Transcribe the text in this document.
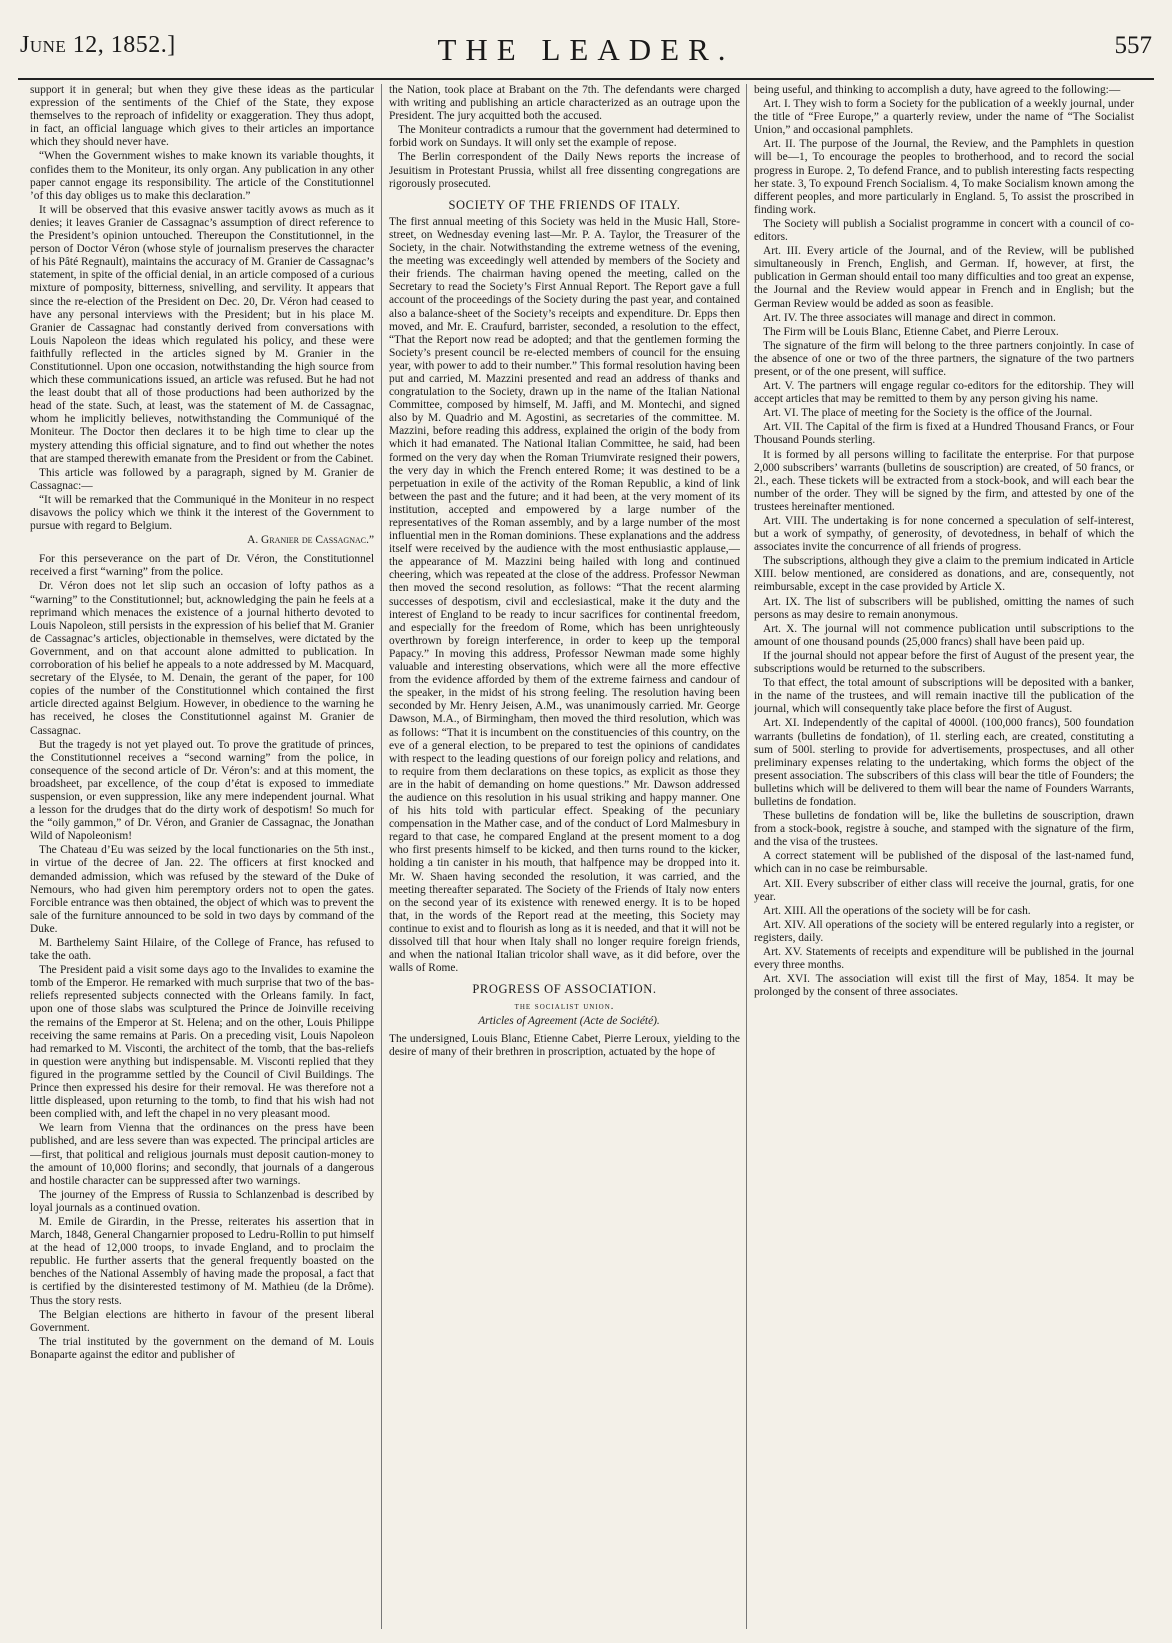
June 12, 1852.]	THE LEADER.	557

support it in general; but when they give these ideas as the particular expression of the sentiments of the Chief of the State, they expose themselves to the reproach of infidelity or exaggeration. They thus adopt, in fact, an official language which gives to their articles an importance which they should never have.

“When the Government wishes to make known its variable thoughts, it confides them to the Moniteur, its only organ. Any publication in any other paper cannot engage its responsibility. The article of the Constitutionnel ’of this day obliges us to make this declaration.”

It will be observed that this evasive answer tacitly avows as much as it denies; it leaves Granier de Cassagnac’s assumption of direct reference to the President’s opinion untouched. Thereupon the Constitutionnel, in the person of Doctor Véron (whose style of journalism preserves the character of his Pâté Regnault), maintains the accuracy of M. Granier de Cassagnac’s statement, in spite of the official denial, in an article composed of a curious mixture of pomposity, bitterness, snivelling, and servility. It appears that since the re-election of the President on Dec. 20, Dr. Véron had ceased to have any personal interviews with the President; but in his place M. Granier de Cassagnac had constantly derived from conversations with Louis Napoleon the ideas which regulated his policy, and these were faithfully reflected in the articles signed by M. Granier in the Constitutionnel. Upon one occasion, notwithstanding the high source from which these communications issued, an article was refused. But he had not the least doubt that all of those productions had been authorized by the head of the state. Such, at least, was the statement of M. de Cassagnac, whom he implicitly believes, notwithstanding the Communiqué of the Moniteur. The Doctor then declares it to be high time to clear up the mystery attending this official signature, and to find out whether the notes that are stamped therewith emanate from the President or from the Cabinet.

This article was followed by a paragraph, signed by M. Granier de Cassagnac:—

“It will be remarked that the Communiqué in the Moniteur in no respect disavows the policy which we think it the interest of the Government to pursue with regard to Belgium.

A. Granier de Cassagnac.”

For this perseverance on the part of Dr. Véron, the Constitutionnel received a first “warning” from the police.

Dr. Véron does not let slip such an occasion of lofty pathos as a “warning” to the Constitutionnel; but, acknowledging the pain he feels at a reprimand which menaces the existence of a journal hitherto devoted to Louis Napoleon, still persists in the expression of his belief that M. Granier de Cassagnac’s articles, objectionable in themselves, were dictated by the Government, and on that account alone admitted to publication. In corroboration of his belief he appeals to a note addressed by M. Macquard, secretary of the Elysée, to M. Denain, the gerant of the paper, for 100 copies of the number of the Constitutionnel which contained the first article directed against Belgium. However, in obedience to the warning he has received, he closes the Constitutionnel against M. Granier de Cassagnac.

But the tragedy is not yet played out. To prove the gratitude of princes, the Constitutionnel receives a “second warning” from the police, in consequence of the second article of Dr. Véron’s: and at this moment, the broadsheet, par excellence, of the coup d’état is exposed to immediate suspension, or even suppression, like any mere independent journal. What a lesson for the drudges that do the dirty work of despotism! So much for the “oily gammon,” of Dr. Véron, and Granier de Cassagnac, the Jonathan Wild of Napoleonism!

The Chateau d’Eu was seized by the local functionaries on the 5th inst., in virtue of the decree of Jan. 22. The officers at first knocked and demanded admission, which was refused by the steward of the Duke of Nemours, who had given him peremptory orders not to open the gates. Forcible entrance was then obtained, the object of which was to prevent the sale of the furniture announced to be sold in two days by command of the Duke.

M. Barthelemy Saint Hilaire, of the College of France, has refused to take the oath.

The President paid a visit some days ago to the Invalides to examine the tomb of the Emperor. He remarked with much surprise that two of the bas-reliefs represented subjects connected with the Orleans family. In fact, upon one of those slabs was sculptured the Prince de Joinville receiving the remains of the Emperor at St. Helena; and on the other, Louis Philippe receiving the same remains at Paris. On a preceding visit, Louis Napoleon had remarked to M. Visconti, the architect of the tomb, that the bas-reliefs in question were anything but indispensable. M. Visconti replied that they figured in the programme settled by the Council of Civil Buildings. The Prince then expressed his desire for their removal. He was therefore not a little displeased, upon returning to the tomb, to find that his wish had not been complied with, and left the chapel in no very pleasant mood.

We learn from Vienna that the ordinances on the press have been published, and are less severe than was expected. The principal articles are—first, that political and religious journals must deposit caution-money to the amount of 10,000 florins; and secondly, that journals of a dangerous and hostile character can be suppressed after two warnings.

The journey of the Empress of Russia to Schlanzenbad is described by loyal journals as a continued ovation.

M. Emile de Girardin, in the Presse, reiterates his assertion that in March, 1848, General Changarnier proposed to Ledru-Rollin to put himself at the head of 12,000 troops, to invade England, and to proclaim the republic. He further asserts that the general frequently boasted on the benches of the National Assembly of having made the proposal, a fact that is certified by the disinterested testimony of M. Mathieu (de la Drôme). Thus the story rests.

The Belgian elections are hitherto in favour of the present liberal Government.

The trial instituted by the government on the demand of M. Louis Bonaparte against the editor and publisher of

the Nation, took place at Brabant on the 7th. The defendants were charged with writing and publishing an article characterized as an outrage upon the President. The jury acquitted both the accused.

The Moniteur contradicts a rumour that the government had determined to forbid work on Sundays. It will only set the example of repose.

The Berlin correspondent of the Daily News reports the increase of Jesuitism in Protestant Prussia, whilst all free dissenting congregations are rigorously prosecuted.

SOCIETY OF THE FRIENDS OF ITALY.

The first annual meeting of this Society was held in the Music Hall, Store-street, on Wednesday evening last—Mr. P. A. Taylor, the Treasurer of the Society, in the chair. Notwithstanding the extreme wetness of the evening, the meeting was exceedingly well attended by members of the Society and their friends. The chairman having opened the meeting, called on the Secretary to read the Society’s First Annual Report. The Report gave a full account of the proceedings of the Society during the past year, and contained also a balance-sheet of the Society’s receipts and expenditure. Dr. Epps then moved, and Mr. E. Craufurd, barrister, seconded, a resolution to the effect, “That the Report now read be adopted; and that the gentlemen forming the Society’s present council be re-elected members of council for the ensuing year, with power to add to their number.” This formal resolution having been put and carried, M. Mazzini presented and read an address of thanks and congratulation to the Society, drawn up in the name of the Italian National Committee, composed by himself, M. Jaffi, and M. Montechi, and signed also by M. Quadrio and M. Agostini, as secretaries of the committee. M. Mazzini, before reading this address, explained the origin of the body from which it had emanated. The National Italian Committee, he said, had been formed on the very day when the Roman Triumvirate resigned their powers, the very day in which the French entered Rome; it was destined to be a perpetuation in exile of the activity of the Roman Republic, a kind of link between the past and the future; and it had been, at the very moment of its institution, accepted and empowered by a large number of the representatives of the Roman assembly, and by a large number of the most influential men in the Roman dominions. These explanations and the address itself were received by the audience with the most enthusiastic applause,—the appearance of M. Mazzini being hailed with long and continued cheering, which was repeated at the close of the address. Professor Newman then moved the second resolution, as follows: “That the recent alarming successes of despotism, civil and ecclesiastical, make it the duty and the interest of England to be ready to incur sacrifices for continental freedom, and especially for the freedom of Rome, which has been unrighteously overthrown by foreign interference, in order to keep up the temporal Papacy.” In moving this address, Professor Newman made some highly valuable and interesting observations, which were all the more effective from the evidence afforded by them of the extreme fairness and candour of the speaker, in the midst of his strong feeling. The resolution having been seconded by Mr. Henry Jeisen, A.M., was unanimously carried. Mr. George Dawson, M.A., of Birmingham, then moved the third resolution, which was as follows: “That it is incumbent on the constituencies of this country, on the eve of a general election, to be prepared to test the opinions of candidates with respect to the leading questions of our foreign policy and relations, and to require from them declarations on these topics, as explicit as those they are in the habit of demanding on home questions.” Mr. Dawson addressed the audience on this resolution in his usual striking and happy manner. One of his hits told with particular effect. Speaking of the pecuniary compensation in the Mather case, and of the conduct of Lord Malmesbury in regard to that case, he compared England at the present moment to a dog who first presents himself to be kicked, and then turns round to the kicker, holding a tin canister in his mouth, that halfpence may be dropped into it. Mr. W. Shaen having seconded the resolution, it was carried, and the meeting thereafter separated. The Society of the Friends of Italy now enters on the second year of its existence with renewed energy. It is to be hoped that, in the words of the Report read at the meeting, this Society may continue to exist and to flourish as long as it is needed, and that it will not be dissolved till that hour when Italy shall no longer require foreign friends, and when the national Italian tricolor shall wave, as it did before, over the walls of Rome.

PROGRESS OF ASSOCIATION.
the socialist union.

Articles of Agreement (Acte de Société).

The undersigned, Louis Blanc, Etienne Cabet, Pierre Leroux, yielding to the desire of many of their brethren in proscription, actuated by the hope of

being useful, and thinking to accomplish a duty, have agreed to the following:—

Art. I. They wish to form a Society for the publication of a weekly journal, under the title of “Free Europe,” a quarterly review, under the name of “The Socialist Union,” and occasional pamphlets.

Art. II. The purpose of the Journal, the Review, and the Pamphlets in question will be—1, To encourage the peoples to brotherhood, and to record the social progress in Europe. 2, To defend France, and to publish interesting facts respecting her state. 3, To expound French Socialism. 4, To make Socialism known among the different peoples, and more particularly in England. 5, To assist the proscribed in finding work.

The Society will publish a Socialist programme in concert with a council of co-editors.

Art. III. Every article of the Journal, and of the Review, will be published simultaneously in French, English, and German. If, however, at first, the publication in German should entail too many difficulties and too great an expense, the Journal and the Review would appear in French and in English; but the German Review would be added as soon as feasible.

Art. IV. The three associates will manage and direct in common.

The Firm will be Louis Blanc, Etienne Cabet, and Pierre Leroux.

The signature of the firm will belong to the three partners conjointly. In case of the absence of one or two of the three partners, the signature of the two partners present, or of the one present, will suffice.

Art. V. The partners will engage regular co-editors for the editorship. They will accept articles that may be remitted to them by any person giving his name.

Art. VI. The place of meeting for the Society is the office of the Journal.

Art. VII. The Capital of the firm is fixed at a Hundred Thousand Francs, or Four Thousand Pounds sterling.

It is formed by all persons willing to facilitate the enterprise. For that purpose 2,000 subscribers’ warrants (bulletins de souscription) are created, of 50 francs, or 2l., each. These tickets will be extracted from a stock-book, and will each bear the number of the order. They will be signed by the firm, and attested by one of the trustees hereinafter mentioned.

Art. VIII. The undertaking is for none concerned a speculation of self-interest, but a work of sympathy, of generosity, of devotedness, in behalf of which the associates invite the concurrence of all friends of progress.

The subscriptions, although they give a claim to the premium indicated in Article XIII. below mentioned, are considered as donations, and are, consequently, not reimbursable, except in the case provided by Article X.

Art. IX. The list of subscribers will be published, omitting the names of such persons as may desire to remain anonymous.

Art. X. The journal will not commence publication until subscriptions to the amount of one thousand pounds (25,000 francs) shall have been paid up.

If the journal should not appear before the first of August of the present year, the subscriptions would be returned to the subscribers.

To that effect, the total amount of subscriptions will be deposited with a banker, in the name of the trustees, and will remain inactive till the publication of the journal, which will consequently take place before the first of August.

Art. XI. Independently of the capital of 4000l. (100,000 francs), 500 foundation warrants (bulletins de fondation), of 1l. sterling each, are created, constituting a sum of 500l. sterling to provide for advertisements, prospectuses, and all other preliminary expenses relating to the undertaking, which forms the object of the present association. The subscribers of this class will bear the title of Founders; the bulletins which will be delivered to them will bear the name of Founders Warrants, bulletins de fondation.

These bulletins de fondation will be, like the bulletins de souscription, drawn from a stock-book, registre à souche, and stamped with the signature of the firm, and the visa of the trustees.

A correct statement will be published of the disposal of the last-named fund, which can in no case be reimbursable.

Art. XII. Every subscriber of either class will receive the journal, gratis, for one year.

Art. XIII. All the operations of the society will be for cash.

Art. XIV. All operations of the society will be entered regularly into a register, or registers, daily.

Art. XV. Statements of receipts and expenditure will be published in the journal every three months.

Art. XVI. The association will exist till the first of May, 1854. It may be prolonged by the consent of three associates.
